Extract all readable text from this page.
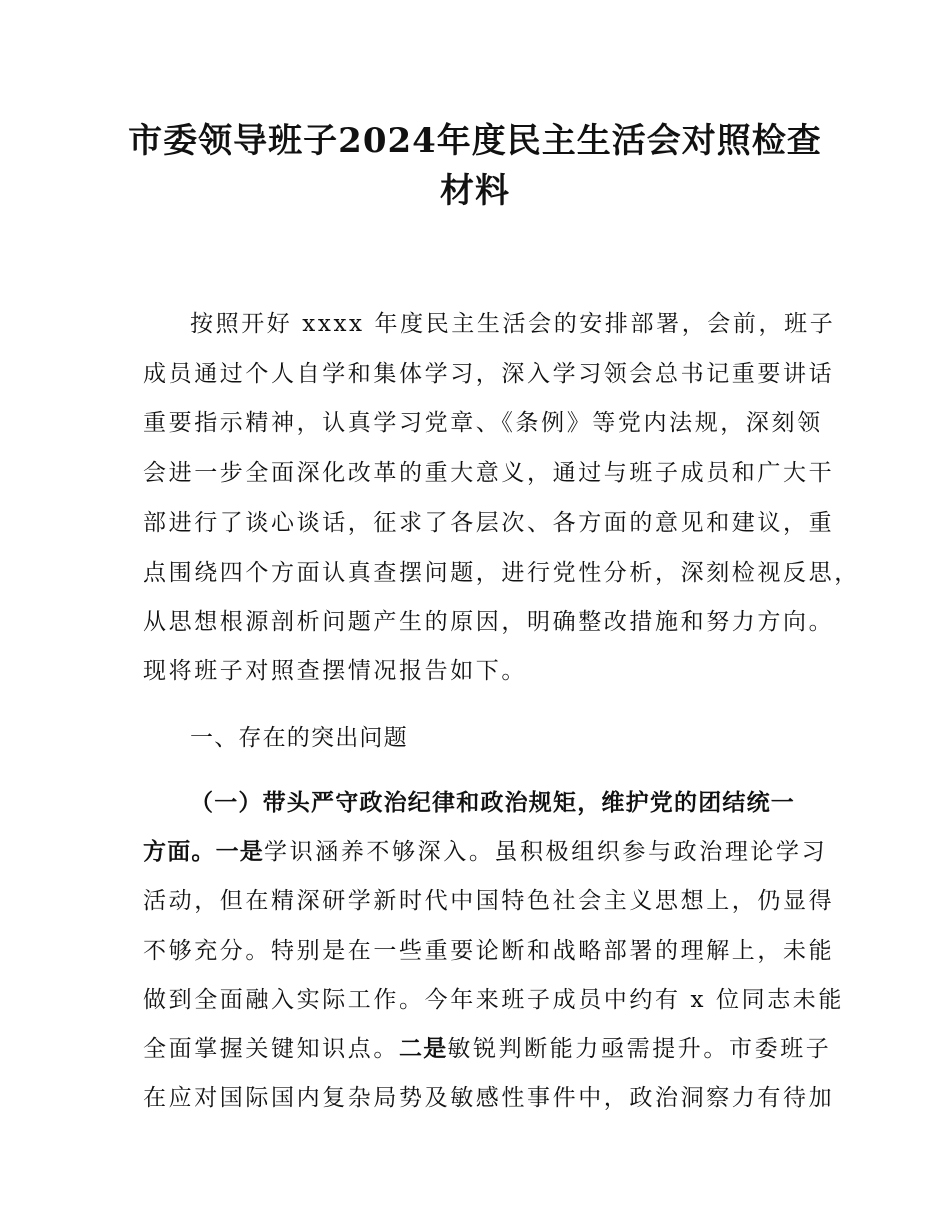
市委领导班子2024年度民主生活会对照检查
材料
按照开好 xxxx 年度民主生活会的安排部署，会前，班子
成员通过个人自学和集体学习，深入学习领会总书记重要讲话
重要指示精神，认真学习党章、《条例》等党内法规，深刻领
会进一步全面深化改革的重大意义，通过与班子成员和广大干
部进行了谈心谈话，征求了各层次、各方面的意见和建议，重
点围绕四个方面认真查摆问题，进行党性分析，深刻检视反思，
从思想根源剖析问题产生的原因，明确整改措施和努力方向。
现将班子对照查摆情况报告如下。
一、存在的突出问题
（一）带头严守政治纪律和政治规矩，维护党的团结统一
方面。一是学识涵养不够深入。虽积极组织参与政治理论学习
活动，但在精深研学新时代中国特色社会主义思想上，仍显得
不够充分。特别是在一些重要论断和战略部署的理解上，未能
做到全面融入实际工作。今年来班子成员中约有 x 位同志未能
全面掌握关键知识点。二是敏锐判断能力亟需提升。市委班子
在应对国际国内复杂局势及敏感性事件中，政治洞察力有待加
